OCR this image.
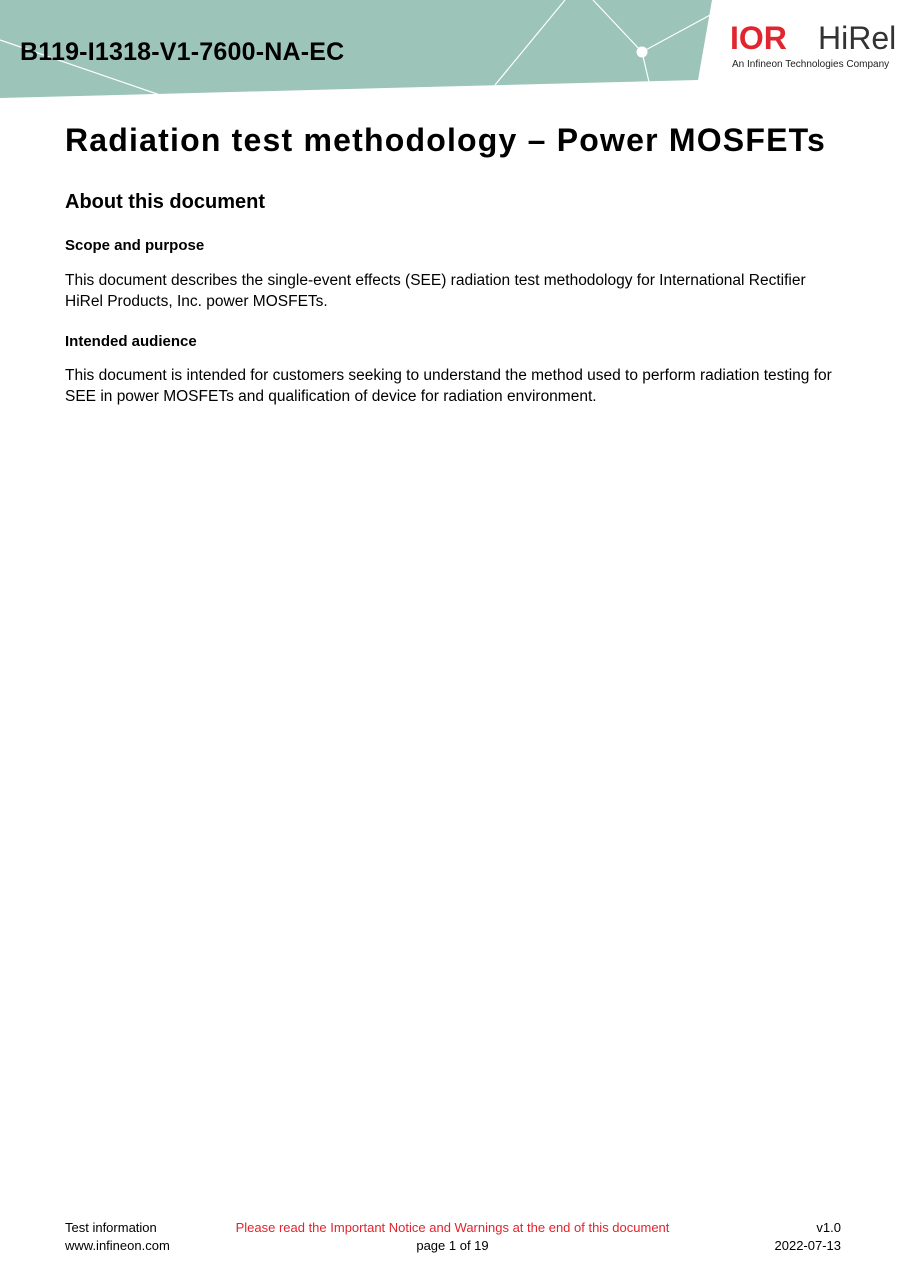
B119-I1318-V1-7600-NA-EC	IOR HiRel
An Infineon Technologies Company
Radiation test methodology – Power MOSFETs
About this document
Scope and purpose
This document describes the single-event effects (SEE) radiation test methodology for International Rectifier HiRel Products, Inc. power MOSFETs.
Intended audience
This document is intended for customers seeking to understand the method used to perform radiation testing for SEE in power MOSFETs and qualification of device for radiation environment.
Test information
www.infineon.com
Please read the Important Notice and Warnings at the end of this document
page 1 of 19
v1.0
2022-07-13
